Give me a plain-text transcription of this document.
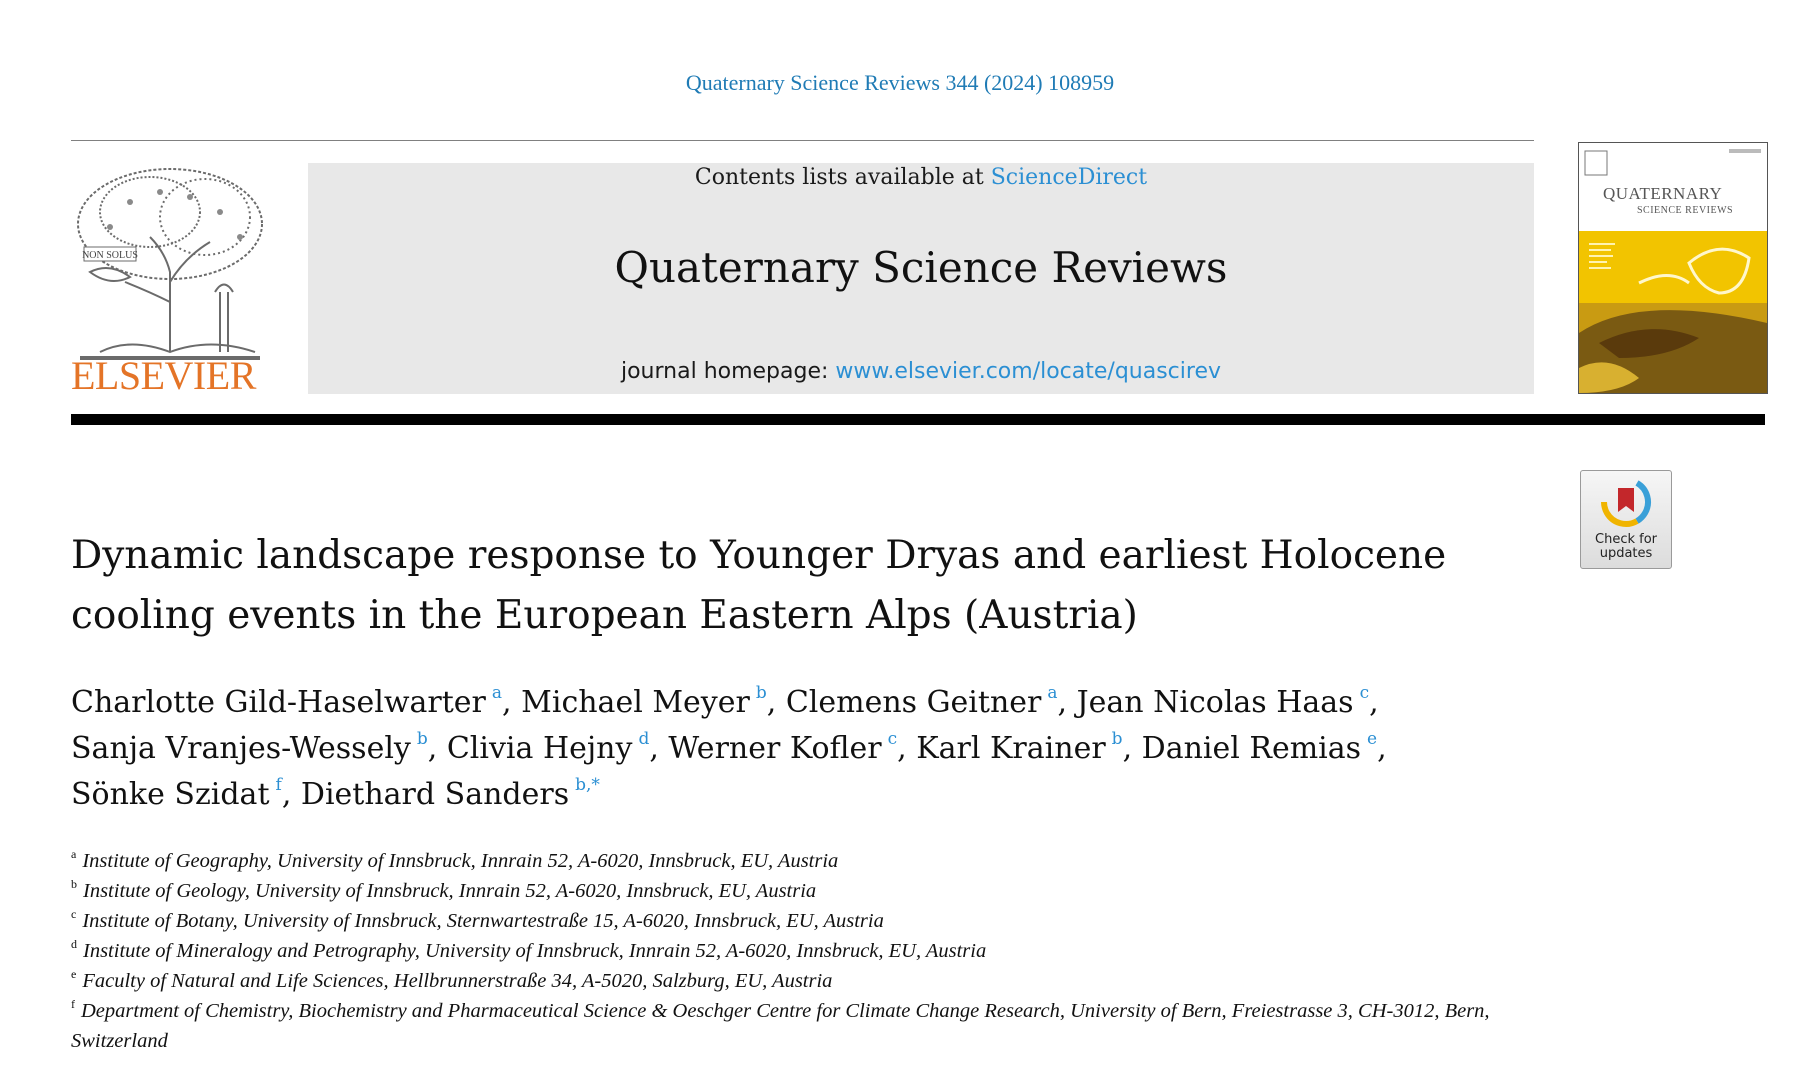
Quaternary Science Reviews 344 (2024) 108959
NON SOLUS
ELSEVIER
Contents lists available at ScienceDirect
Quaternary Science Reviews
journal homepage: www.elsevier.com/locate/quascirev
QUATERNARY
SCIENCE REVIEWS
Check for
updates
Dynamic landscape response to Younger Dryas and earliest Holocene
cooling events in the European Eastern Alps (Austria)
Charlotte Gild-Haselwarter $^a$, Michael Meyer $^b$, Clemens Geitner $^a$, Jean Nicolas Haas $^c$,
Sanja Vranjes-Wessely $^b$, Clivia Hejny $^d$, Werner Kofler $^c$, Karl Krainer $^b$, Daniel Remias $^e$,
Sönke Szidat $^f$, Diethard Sanders $^{b,*}$
$^a$ Institute of Geography, University of Innsbruck, Innrain 52, A-6020, Innsbruck, EU, Austria
$^b$ Institute of Geology, University of Innsbruck, Innrain 52, A-6020, Innsbruck, EU, Austria
$^c$ Institute of Botany, University of Innsbruck, Sternwartestraße 15, A-6020, Innsbruck, EU, Austria
$^d$ Institute of Mineralogy and Petrography, University of Innsbruck, Innrain 52, A-6020, Innsbruck, EU, Austria
$^e$ Faculty of Natural and Life Sciences, Hellbrunnerstraße 34, A-5020, Salzburg, EU, Austria
$^f$ Department of Chemistry, Biochemistry and Pharmaceutical Science & Oeschger Centre for Climate Change Research, University of Bern, Freiestrasse 3, CH-3012, Bern, Switzerland
